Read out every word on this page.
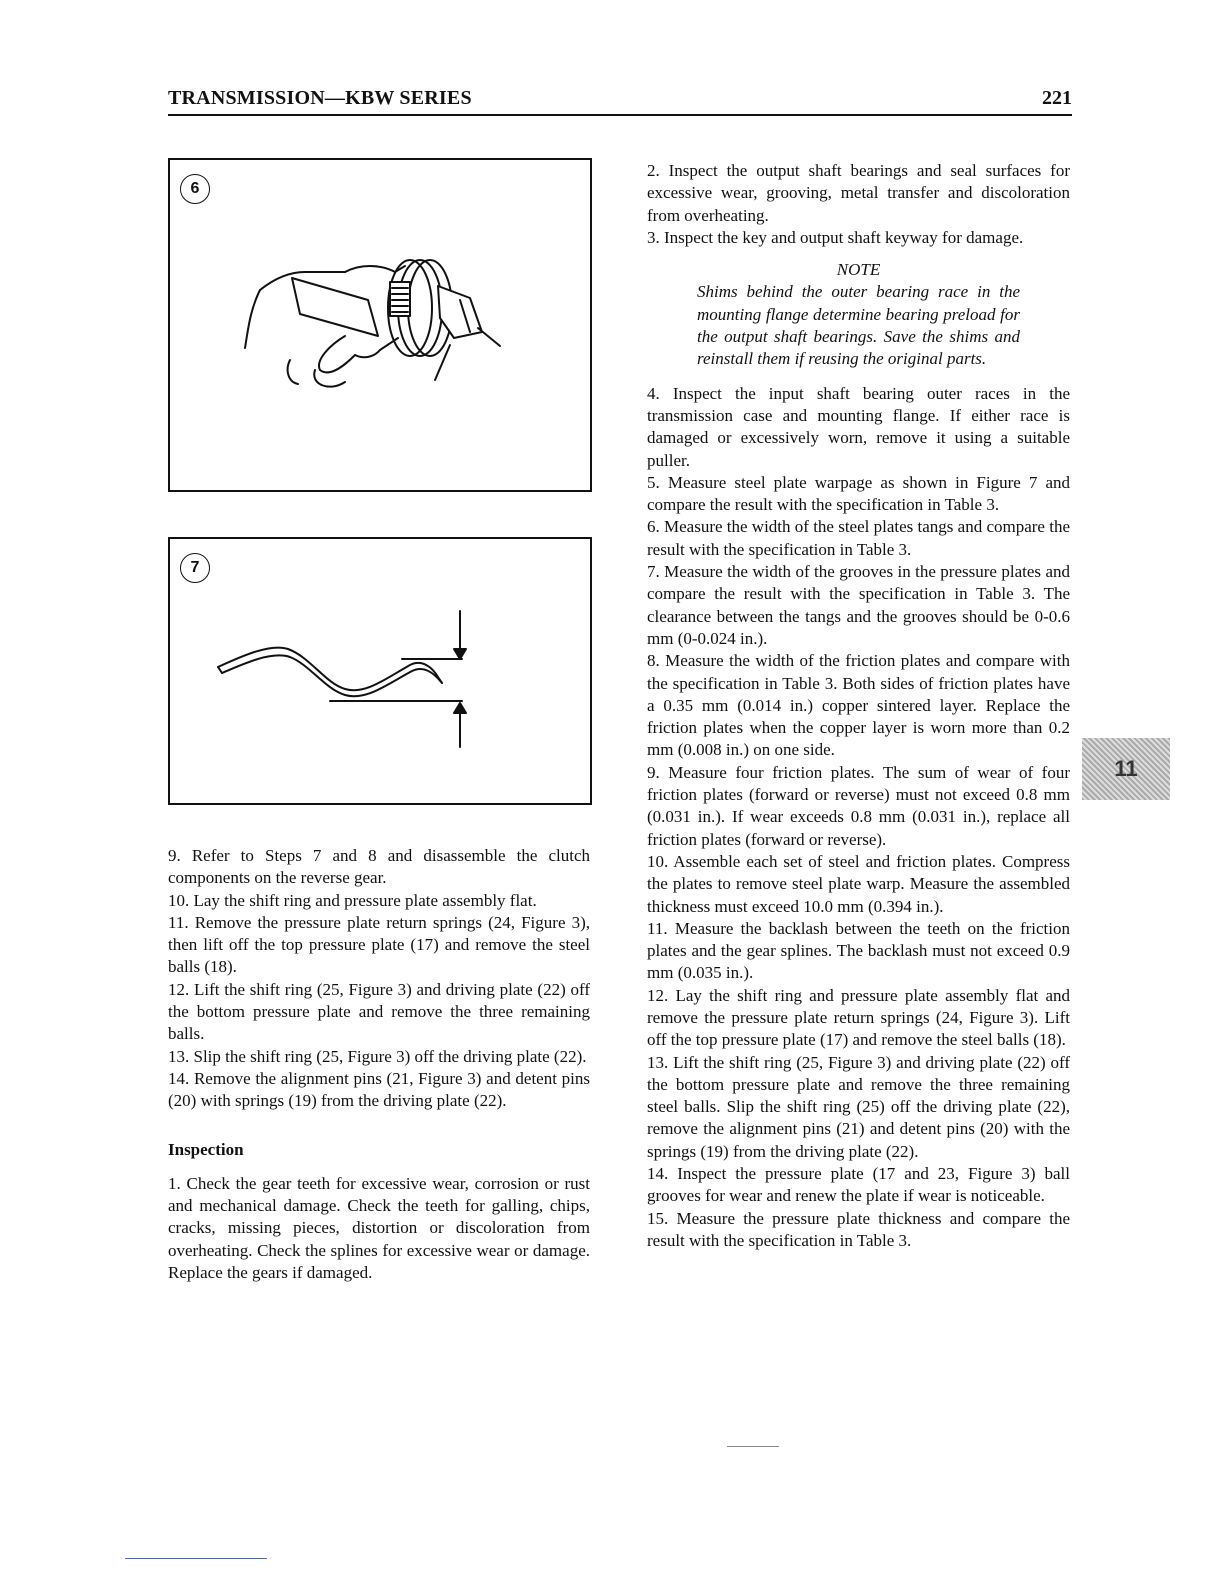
TRANSMISSION—KBW SERIES	221
6
7

9. Refer to Steps 7 and 8 and disassemble the clutch components on the reverse gear.

10. Lay the shift ring and pressure plate assembly flat.

11. Remove the pressure plate return springs (24, Figure 3), then lift off the top pressure plate (17) and remove the steel balls (18).

12. Lift the shift ring (25, Figure 3) and driving plate (22) off the bottom pressure plate and remove the three remaining balls.

13. Slip the shift ring (25, Figure 3) off the driving plate (22).

14. Remove the alignment pins (21, Figure 3) and detent pins (20) with springs (19) from the driving plate (22).

Inspection

1. Check the gear teeth for excessive wear, corrosion or rust and mechanical damage. Check the teeth for galling, chips, cracks, missing pieces, distortion or discoloration from overheating. Check the splines for excessive wear or damage. Replace the gears if damaged.

2. Inspect the output shaft bearings and seal surfaces for excessive wear, grooving, metal transfer and discoloration from overheating.

3. Inspect the key and output shaft keyway for damage.

NOTE
Shims behind the outer bearing race in the mounting flange determine bearing preload for the output shaft bearings. Save the shims and reinstall them if reusing the original parts.

4. Inspect the input shaft bearing outer races in the transmission case and mounting flange. If either race is damaged or excessively worn, remove it using a suitable puller.

5. Measure steel plate warpage as shown in Figure 7 and compare the result with the specification in Table 3.

6. Measure the width of the steel plates tangs and compare the result with the specification in Table 3.

7. Measure the width of the grooves in the pressure plates and compare the result with the specification in Table 3. The clearance between the tangs and the grooves should be 0-0.6 mm (0-0.024 in.).

8. Measure the width of the friction plates and compare with the specification in Table 3. Both sides of friction plates have a 0.35 mm (0.014 in.) copper sintered layer. Replace the friction plates when the copper layer is worn more than 0.2 mm (0.008 in.) on one side.

9. Measure four friction plates. The sum of wear of four friction plates (forward or reverse) must not exceed 0.8 mm (0.031 in.). If wear exceeds 0.8 mm (0.031 in.), replace all friction plates (forward or reverse).

10. Assemble each set of steel and friction plates. Compress the plates to remove steel plate warp. Measure the assembled thickness must exceed 10.0 mm (0.394 in.).

11. Measure the backlash between the teeth on the friction plates and the gear splines. The backlash must not exceed 0.9 mm (0.035 in.).

12. Lay the shift ring and pressure plate assembly flat and remove the pressure plate return springs (24, Figure 3). Lift off the top pressure plate (17) and remove the steel balls (18).

13. Lift the shift ring (25, Figure 3) and driving plate (22) off the bottom pressure plate and remove the three remaining steel balls. Slip the shift ring (25) off the driving plate (22), remove the alignment pins (21) and detent pins (20) with the springs (19) from the driving plate (22).

14. Inspect the pressure plate (17 and 23, Figure 3) ball grooves for wear and renew the plate if wear is noticeable.

15. Measure the pressure plate thickness and compare the result with the specification in Table 3.

11
